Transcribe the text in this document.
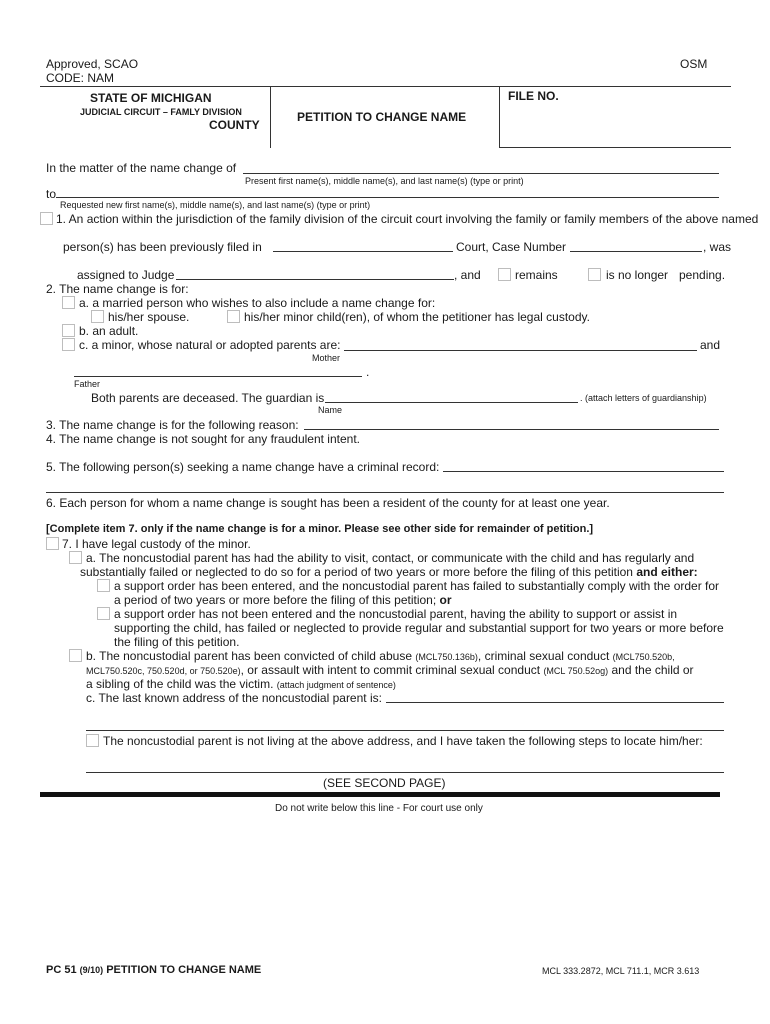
Approved, SCAO
CODE: NAM
OSM
STATE OF MICHIGAN
JUDICIAL CIRCUIT – FAMLY DIVISION
COUNTY
PETITION TO CHANGE NAME
FILE NO.
In the matter of the name change of
Present first name(s), middle name(s), and last name(s) (type or print)
to
Requested new first name(s), middle name(s), and last name(s) (type or print)
1. An action within the jurisdiction of the family division of the circuit court involving the family or family members of the above named
person(s) has been previously filed in	Court, Case Number	, was
assigned to Judge	, and	remains	is no longer pending.
2. The name change is for:
a. a married person who wishes to also include a name change for:
his/her spouse.	his/her minor child(ren), of whom the petitioner has legal custody.
b. an adult.
c. a minor, whose natural or adopted parents are:	and
Mother
.
Father
Both parents are deceased. The guardian is	. (attach letters of guardianship)
Name
3. The name change is for the following reason:
4. The name change is not sought for any fraudulent intent.
5. The following person(s) seeking a name change have a criminal record:
6. Each person for whom a name change is sought has been a resident of the county for at least one year.
[Complete item 7. only if the name change is for a minor. Please see other side for remainder of petition.]
7. I have legal custody of the minor.
a. The noncustodial parent has had the ability to visit, contact, or communicate with the child and has regularly and
substantially failed or neglected to do so for a period of two years or more before the filing of this petition and either:
a support order has been entered, and the noncustodial parent has failed to substantially comply with the order for
a period of two years or more before the filing of this petition; or
a support order has not been entered and the noncustodial parent, having the ability to support or assist in
supporting the child, has failed or neglected to provide regular and substantial support for two years or more before
the filing of this petition.
b. The noncustodial parent has been convicted of child abuse (MCL750.136b), criminal sexual conduct (MCL750.520b,
MCL750.520c, 750.520d, or 750.520e), or assault with intent to commit criminal sexual conduct (MCL 750.52og) and the child or
a sibling of the child was the victim. (attach judgment of sentence)
c. The last known address of the noncustodial parent is:
The noncustodial parent is not living at the above address, and I have taken the following steps to locate him/her:
(SEE SECOND PAGE)
Do not write below this line - For court use only
PC 51 (9/10) PETITION TO CHANGE NAME	MCL 333.2872, MCL 711.1, MCR 3.613
